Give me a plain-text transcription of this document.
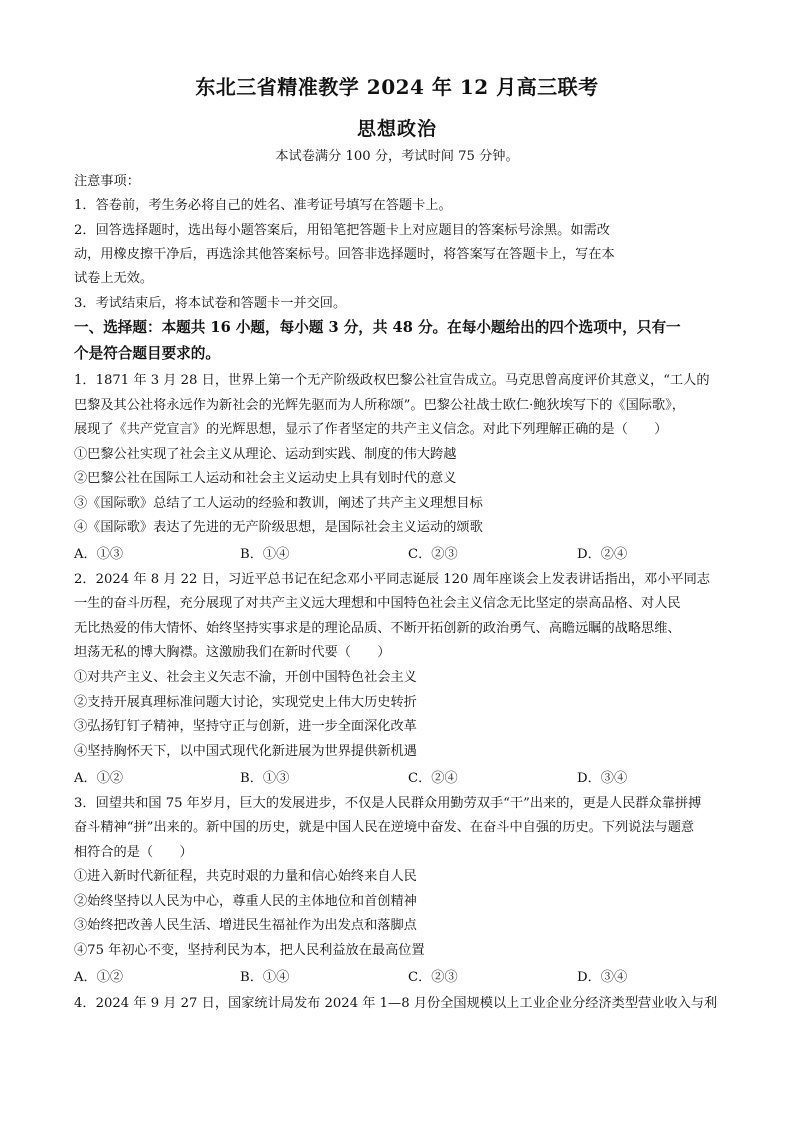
东北三省精准教学 2024 年 12 月高三联考
思想政治
本试卷满分 100 分，考试时间 75 分钟。
注意事项：
1．答卷前，考生务必将自己的姓名、准考证号填写在答题卡上。
2．回答选择题时，选出每小题答案后，用铅笔把答题卡上对应题目的答案标号涂黑。如需改
动，用橡皮擦干净后，再选涂其他答案标号。回答非选择题时，将答案写在答题卡上，写在本
试卷上无效。
3．考试结束后，将本试卷和答题卡一并交回。
一、选择题：本题共 16 小题，每小题 3 分，共 48 分。在每小题给出的四个选项中，只有一
个是符合题目要求的。
1．1871 年 3 月 28 日，世界上第一个无产阶级政权巴黎公社宣告成立。马克思曾高度评价其意义，“工人的
巴黎及其公社将永远作为新社会的光辉先驱而为人所称颂”。巴黎公社战士欧仁·鲍狄埃写下的《国际歌》，
展现了《共产党宣言》的光辉思想，显示了作者坚定的共产主义信念。对此下列理解正确的是（　　）
①巴黎公社实现了社会主义从理论、运动到实践、制度的伟大跨越
②巴黎公社在国际工人运动和社会主义运动史上具有划时代的意义
③《国际歌》总结了工人运动的经验和教训，阐述了共产主义理想目标
④《国际歌》表达了先进的无产阶级思想，是国际社会主义运动的颂歌
A．①③	B．①④	C．②③	D．②④
2．2024 年 8 月 22 日，习近平总书记在纪念邓小平同志诞辰 120 周年座谈会上发表讲话指出，邓小平同志
一生的奋斗历程，充分展现了对共产主义远大理想和中国特色社会主义信念无比坚定的崇高品格、对人民
无比热爱的伟大情怀、始终坚持实事求是的理论品质、不断开拓创新的政治勇气、高瞻远瞩的战略思维、
坦荡无私的博大胸襟。这激励我们在新时代要（　　）
①对共产主义、社会主义矢志不渝，开创中国特色社会主义
②支持开展真理标准问题大讨论，实现党史上伟大历史转折
③弘扬钉钉子精神，坚持守正与创新，进一步全面深化改革
④坚持胸怀天下，以中国式现代化新进展为世界提供新机遇
A．①②	B．①③	C．②④	D．③④
3．回望共和国 75 年岁月，巨大的发展进步，不仅是人民群众用勤劳双手“干”出来的，更是人民群众靠拼搏
奋斗精神“拼”出来的。新中国的历史，就是中国人民在逆境中奋发、在奋斗中自强的历史。下列说法与题意
相符合的是（　　）
①进入新时代新征程，共克时艰的力量和信心始终来自人民
②始终坚持以人民为中心，尊重人民的主体地位和首创精神
③始终把改善人民生活、增进民生福祉作为出发点和落脚点
④75 年初心不变，坚持利民为本，把人民利益放在最高位置
A．①②	B．①④	C．②③	D．③④
4．2024 年 9 月 27 日，国家统计局发布 2024 年 1—8 月份全国规模以上工业企业分经济类型营业收入与利
